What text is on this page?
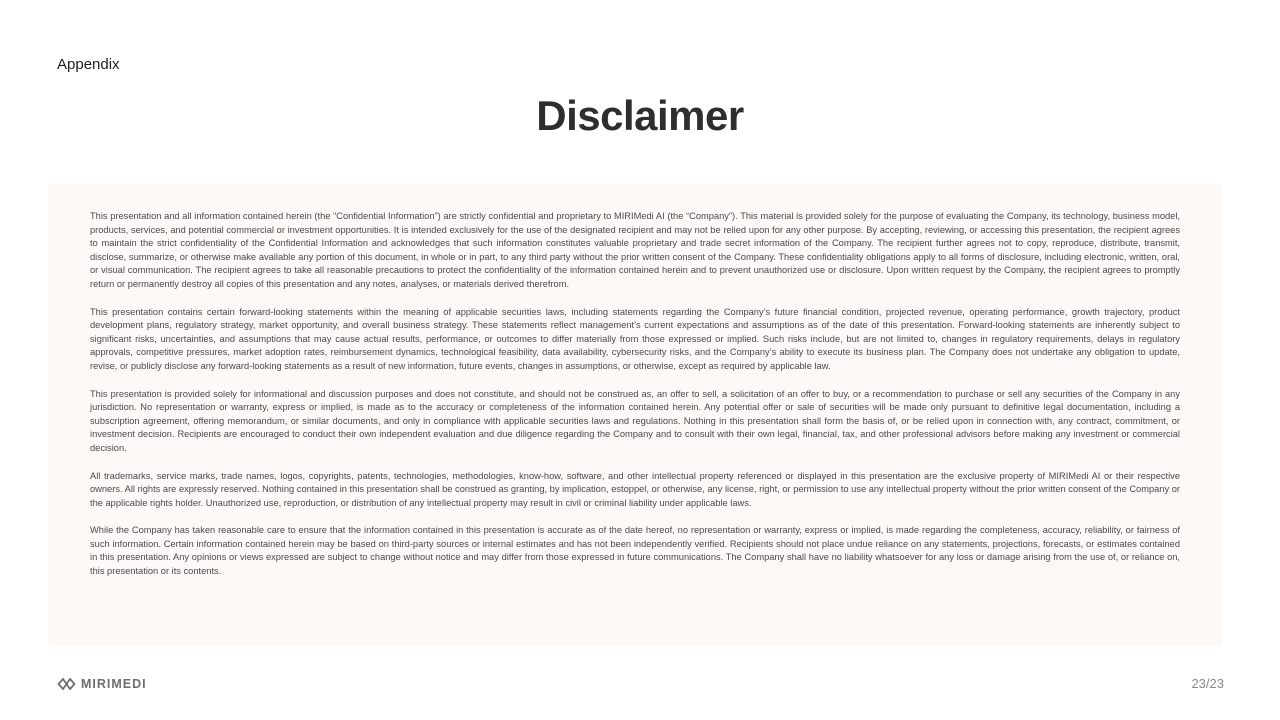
Appendix
Disclaimer

This presentation and all information contained herein (the “Confidential Information”) are strictly confidential and proprietary to MIRIMedi AI (the “Company”). This material is provided solely for the purpose of evaluating the Company, its technology, business model, products, services, and potential commercial or investment opportunities. It is intended exclusively for the use of the designated recipient and may not be relied upon for any other purpose. By accepting, reviewing, or accessing this presentation, the recipient agrees to maintain the strict confidentiality of the Confidential Information and acknowledges that such information constitutes valuable proprietary and trade secret information of the Company. The recipient further agrees not to copy, reproduce, distribute, transmit, disclose, summarize, or otherwise make available any portion of this document, in whole or in part, to any third party without the prior written consent of the Company. These confidentiality obligations apply to all forms of disclosure, including electronic, written, oral, or visual communication. The recipient agrees to take all reasonable precautions to protect the confidentiality of the information contained herein and to prevent unauthorized use or disclosure. Upon written request by the Company, the recipient agrees to promptly return or permanently destroy all copies of this presentation and any notes, analyses, or materials derived therefrom.

This presentation contains certain forward-looking statements within the meaning of applicable securities laws, including statements regarding the Company’s future financial condition, projected revenue, operating performance, growth trajectory, product development plans, regulatory strategy, market opportunity, and overall business strategy. These statements reflect management’s current expectations and assumptions as of the date of this presentation. Forward-looking statements are inherently subject to significant risks, uncertainties, and assumptions that may cause actual results, performance, or outcomes to differ materially from those expressed or implied. Such risks include, but are not limited to, changes in regulatory requirements, delays in regulatory approvals, competitive pressures, market adoption rates, reimbursement dynamics, technological feasibility, data availability, cybersecurity risks, and the Company’s ability to execute its business plan. The Company does not undertake any obligation to update, revise, or publicly disclose any forward-looking statements as a result of new information, future events, changes in assumptions, or otherwise, except as required by applicable law.

This presentation is provided solely for informational and discussion purposes and does not constitute, and should not be construed as, an offer to sell, a solicitation of an offer to buy, or a recommendation to purchase or sell any securities of the Company in any jurisdiction. No representation or warranty, express or implied, is made as to the accuracy or completeness of the information contained herein. Any potential offer or sale of securities will be made only pursuant to definitive legal documentation, including a subscription agreement, offering memorandum, or similar documents, and only in compliance with applicable securities laws and regulations. Nothing in this presentation shall form the basis of, or be relied upon in connection with, any contract, commitment, or investment decision. Recipients are encouraged to conduct their own independent evaluation and due diligence regarding the Company and to consult with their own legal, financial, tax, and other professional advisors before making any investment or commercial decision.

All trademarks, service marks, trade names, logos, copyrights, patents, technologies, methodologies, know-how, software, and other intellectual property referenced or displayed in this presentation are the exclusive property of MIRIMedi AI or their respective owners. All rights are expressly reserved. Nothing contained in this presentation shall be construed as granting, by implication, estoppel, or otherwise, any license, right, or permission to use any intellectual property without the prior written consent of the Company or the applicable rights holder. Unauthorized use, reproduction, or distribution of any intellectual property may result in civil or criminal liability under applicable laws.

While the Company has taken reasonable care to ensure that the information contained in this presentation is accurate as of the date hereof, no representation or warranty, express or implied, is made regarding the completeness, accuracy, reliability, or fairness of such information. Certain information contained herein may be based on third-party sources or internal estimates and has not been independently verified. Recipients should not place undue reliance on any statements, projections, forecasts, or estimates contained in this presentation. Any opinions or views expressed are subject to change without notice and may differ from those expressed in future communications. The Company shall have no liability whatsoever for any loss or damage arising from the use of, or reliance on, this presentation or its contents.

MIRIMEDI	23/23
